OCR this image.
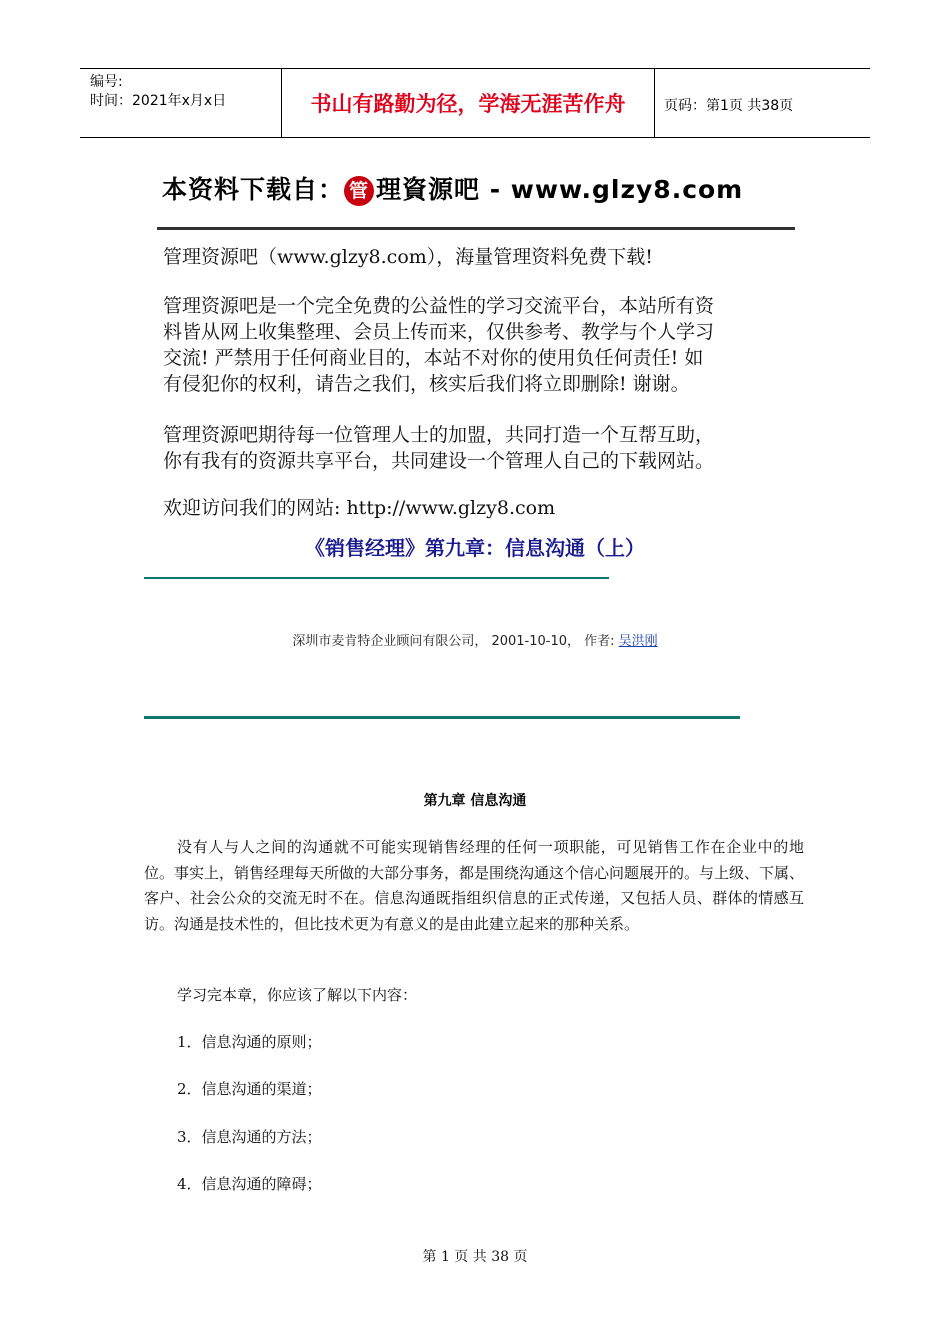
编号:
时间：2021年x月x日	书山有路勤为径，学海无涯苦作舟	页码：第1页 共38页
本资料下载自： 管 理資源吧 - www.glzy8.com
管理资源吧（www.glzy8.com），海量管理资料免费下载!
管理资源吧是一个完全免费的公益性的学习交流平台，本站所有资
料皆从网上收集整理、会员上传而来，仅供参考、教学与个人学习
交流! 严禁用于任何商业目的，本站不对你的使用负任何责任! 如
有侵犯你的权利，请告之我们，核实后我们将立即删除! 谢谢。
管理资源吧期待每一位管理人士的加盟，共同打造一个互帮互助，
你有我有的资源共享平台，共同建设一个管理人自己的下载网站。
欢迎访问我们的网站: http://www.glzy8.com
《销售经理》第九章：信息沟通（上）
深圳市麦肯特企业顾问有限公司， 2001-10-10， 作者: 吴洪刚
第九章 信息沟通

没有人与人之间的沟通就不可能实现销售经理的任何一项职能，可见销售工作在企业中的地位。事实上，销售经理每天所做的大部分事务，都是围绕沟通这个信心问题展开的。与上级、下属、客户、社会公众的交流无时不在。信息沟通既指组织信息的正式传递，又包括人员、群体的情感互访。沟通是技术性的，但比技术更为有意义的是由此建立起来的那种关系。

学习完本章，你应该了解以下内容：
1．信息沟通的原则；
2．信息沟通的渠道；
3．信息沟通的方法；
4．信息沟通的障碍；
第 1 页 共 38 页
